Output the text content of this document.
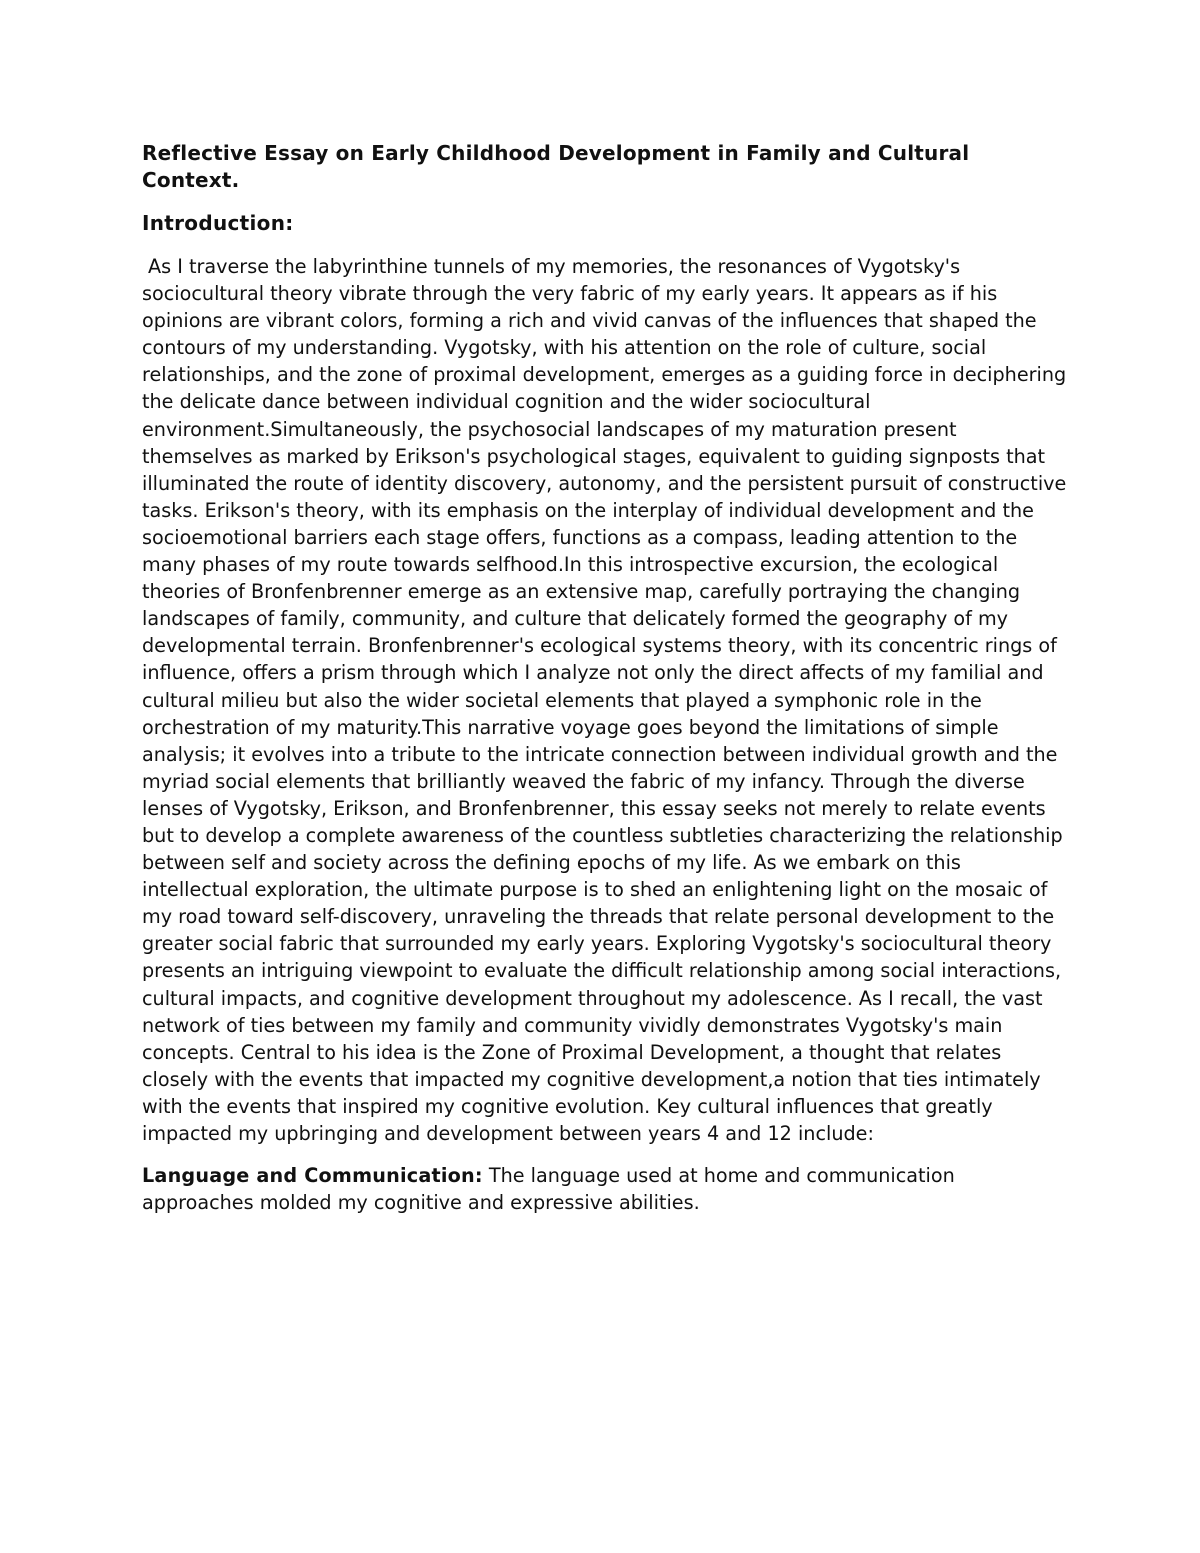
Reflective Essay on Early Childhood Development in Family and Cultural Context.

Introduction:

As I traverse the labyrinthine tunnels of my memories, the resonances of Vygotsky's sociocultural theory vibrate through the very fabric of my early years. It appears as if his opinions are vibrant colors, forming a rich and vivid canvas of the influences that shaped the contours of my understanding. Vygotsky, with his attention on the role of culture, social relationships, and the zone of proximal development, emerges as a guiding force in deciphering the delicate dance between individual cognition and the wider sociocultural environment.Simultaneously, the psychosocial landscapes of my maturation present themselves as marked by Erikson's psychological stages, equivalent to guiding signposts that illuminated the route of identity discovery, autonomy, and the persistent pursuit of constructive tasks. Erikson's theory, with its emphasis on the interplay of individual development and the socioemotional barriers each stage offers, functions as a compass, leading attention to the many phases of my route towards selfhood.In this introspective excursion, the ecological theories of Bronfenbrenner emerge as an extensive map, carefully portraying the changing landscapes of family, community, and culture that delicately formed the geography of my developmental terrain. Bronfenbrenner's ecological systems theory, with its concentric rings of influence, offers a prism through which I analyze not only the direct affects of my familial and cultural milieu but also the wider societal elements that played a symphonic role in the orchestration of my maturity.This narrative voyage goes beyond the limitations of simple analysis; it evolves into a tribute to the intricate connection between individual growth and the myriad social elements that brilliantly weaved the fabric of my infancy. Through the diverse lenses of Vygotsky, Erikson, and Bronfenbrenner, this essay seeks not merely to relate events but to develop a complete awareness of the countless subtleties characterizing the relationship between self and society across the defining epochs of my life. As we embark on this intellectual exploration, the ultimate purpose is to shed an enlightening light on the mosaic of my road toward self-discovery, unraveling the threads that relate personal development to the greater social fabric that surrounded my early years. Exploring Vygotsky's sociocultural theory presents an intriguing viewpoint to evaluate the difficult relationship among social interactions, cultural impacts, and cognitive development throughout my adolescence. As I recall, the vast network of ties between my family and community vividly demonstrates Vygotsky's main concepts. Central to his idea is the Zone of Proximal Development, a thought that relates closely with the events that impacted my cognitive development,a notion that ties intimately with the events that inspired my cognitive evolution. Key cultural influences that greatly impacted my upbringing and development between years 4 and 12 include:

Language and Communication: The language used at home and communication approaches molded my cognitive and expressive abilities.
